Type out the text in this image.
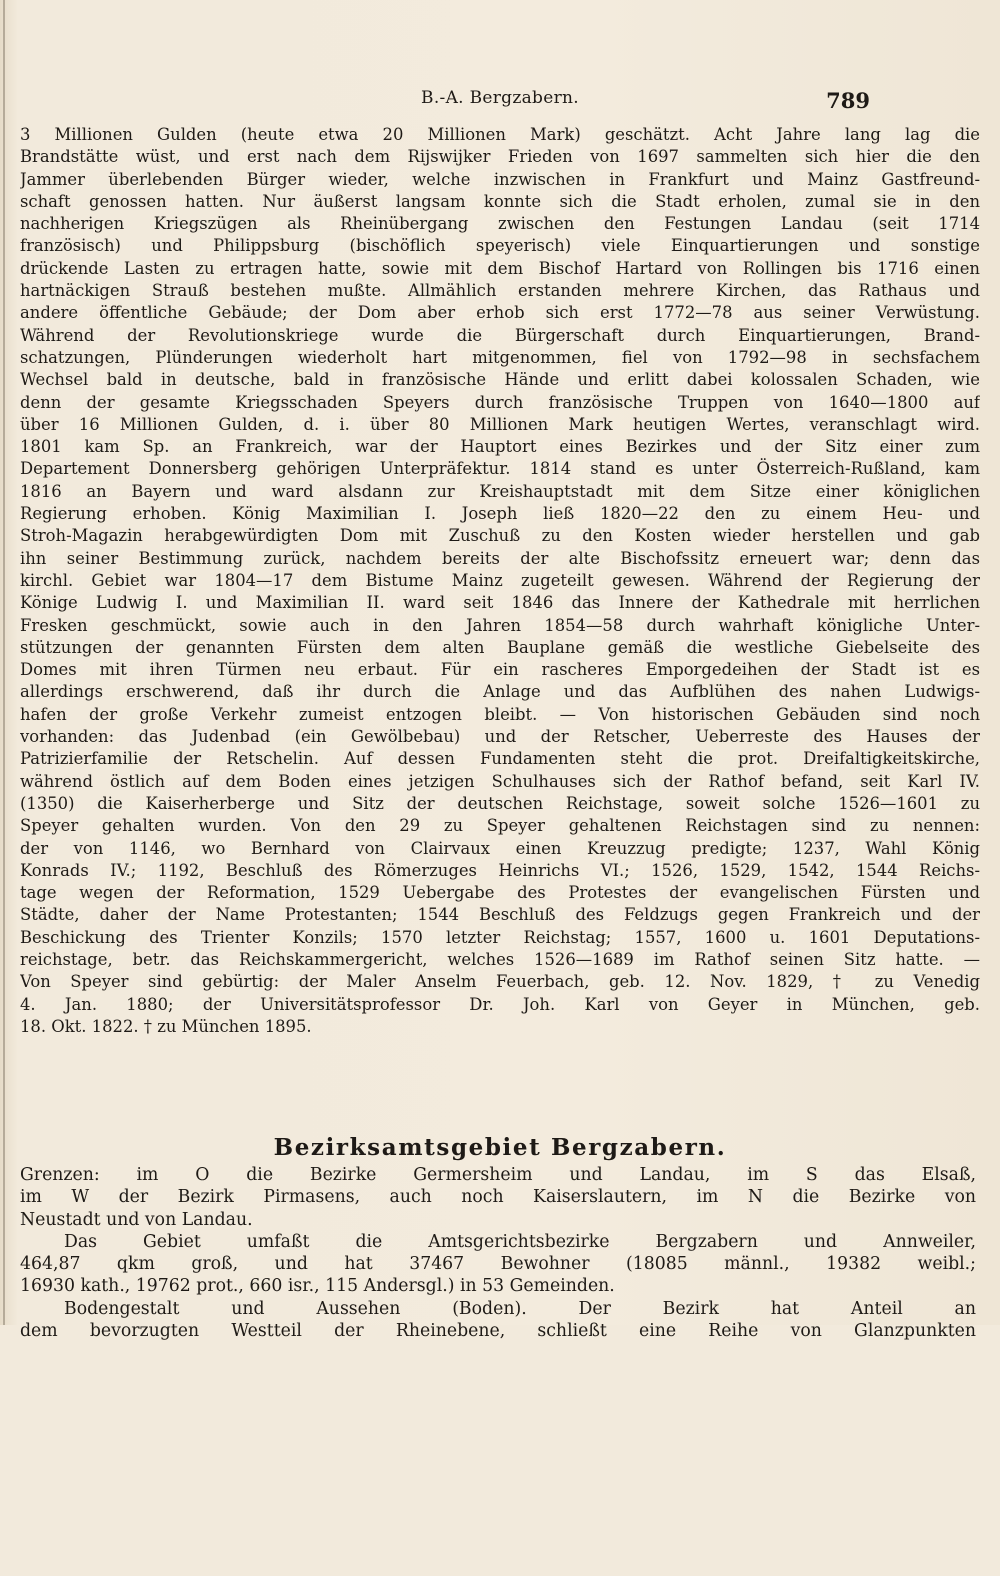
B.-A. Bergzabern.	789
3 Millionen Gulden (heute etwa 20 Millionen Mark) geschätzt. Acht Jahre lang lag die
Brandstätte wüst, und erst nach dem Rijswijker Frieden von 1697 sammelten sich hier die den
Jammer überlebenden Bürger wieder, welche inzwischen in Frankfurt und Mainz Gastfreund-
schaft genossen hatten. Nur äußerst langsam konnte sich die Stadt erholen, zumal sie in den
nachherigen Kriegszügen als Rheinübergang zwischen den Festungen Landau (seit 1714
französisch) und Philippsburg (bischöflich speyerisch) viele Einquartierungen und sonstige
drückende Lasten zu ertragen hatte, sowie mit dem Bischof Hartard von Rollingen bis 1716 einen
hartnäckigen Strauß bestehen mußte. Allmählich erstanden mehrere Kirchen, das Rathaus und
andere öffentliche Gebäude; der Dom aber erhob sich erst 1772—78 aus seiner Verwüstung.
Während der Revolutionskriege wurde die Bürgerschaft durch Einquartierungen, Brand-
schatzungen, Plünderungen wiederholt hart mitgenommen, fiel von 1792—98 in sechsfachem
Wechsel bald in deutsche, bald in französische Hände und erlitt dabei kolossalen Schaden, wie
denn der gesamte Kriegsschaden Speyers durch französische Truppen von 1640—1800 auf
über 16 Millionen Gulden, d. i. über 80 Millionen Mark heutigen Wertes, veranschlagt wird.
1801 kam Sp. an Frankreich, war der Hauptort eines Bezirkes und der Sitz einer zum
Departement Donnersberg gehörigen Unterpräfektur. 1814 stand es unter Österreich-Rußland, kam
1816 an Bayern und ward alsdann zur Kreishauptstadt mit dem Sitze einer königlichen
Regierung erhoben. König Maximilian I. Joseph ließ 1820—22 den zu einem Heu- und
Stroh-Magazin herabgewürdigten Dom mit Zuschuß zu den Kosten wieder herstellen und gab
ihn seiner Bestimmung zurück, nachdem bereits der alte Bischofssitz erneuert war; denn das
kirchl. Gebiet war 1804—17 dem Bistume Mainz zugeteilt gewesen. Während der Regierung der
Könige Ludwig I. und Maximilian II. ward seit 1846 das Innere der Kathedrale mit herrlichen
Fresken geschmückt, sowie auch in den Jahren 1854—58 durch wahrhaft königliche Unter-
stützungen der genannten Fürsten dem alten Bauplane gemäß die westliche Giebelseite des
Domes mit ihren Türmen neu erbaut. Für ein rascheres Emporgedeihen der Stadt ist es
allerdings erschwerend, daß ihr durch die Anlage und das Aufblühen des nahen Ludwigs-
hafen der große Verkehr zumeist entzogen bleibt. — Von historischen Gebäuden sind noch
vorhanden: das Judenbad (ein Gewölbebau) und der Retscher, Ueberreste des Hauses der
Patrizierfamilie der Retschelin. Auf dessen Fundamenten steht die prot. Dreifaltigkeitskirche,
während östlich auf dem Boden eines jetzigen Schulhauses sich der Rathof befand, seit Karl IV.
(1350) die Kaiserherberge und Sitz der deutschen Reichstage, soweit solche 1526—1601 zu
Speyer gehalten wurden. Von den 29 zu Speyer gehaltenen Reichstagen sind zu nennen:
der von 1146, wo Bernhard von Clairvaux einen Kreuzzug predigte; 1237, Wahl König
Konrads IV.; 1192, Beschluß des Römerzuges Heinrichs VI.; 1526, 1529, 1542, 1544 Reichs-
tage wegen der Reformation, 1529 Uebergabe des Protestes der evangelischen Fürsten und
Städte, daher der Name Protestanten; 1544 Beschluß des Feldzugs gegen Frankreich und der
Beschickung des Trienter Konzils; 1570 letzter Reichstag; 1557, 1600 u. 1601 Deputations-
reichstage, betr. das Reichskammergericht, welches 1526—1689 im Rathof seinen Sitz hatte. —
Von Speyer sind gebürtig: der Maler Anselm Feuerbach, geb. 12. Nov. 1829, † zu Venedig
4. Jan. 1880; der Universitätsprofessor Dr. Joh. Karl von Geyer in München, geb.
18. Okt. 1822. † zu München 1895.
Bezirksamtsgebiet Bergzabern.
Grenzen: im O die Bezirke Germersheim und Landau, im S das Elsaß,
im W der Bezirk Pirmasens, auch noch Kaiserslautern, im N die Bezirke von
Neustadt und von Landau.
Das Gebiet umfaßt die Amtsgerichtsbezirke Bergzabern und Annweiler,
464,87 qkm groß, und hat 37467 Bewohner (18085 männl., 19382 weibl.;
16930 kath., 19762 prot., 660 isr., 115 Andersgl.) in 53 Gemeinden.
Bodengestalt und Aussehen (Boden). Der Bezirk hat Anteil an
dem bevorzugten Westteil der Rheinebene, schließt eine Reihe von Glanzpunkten
